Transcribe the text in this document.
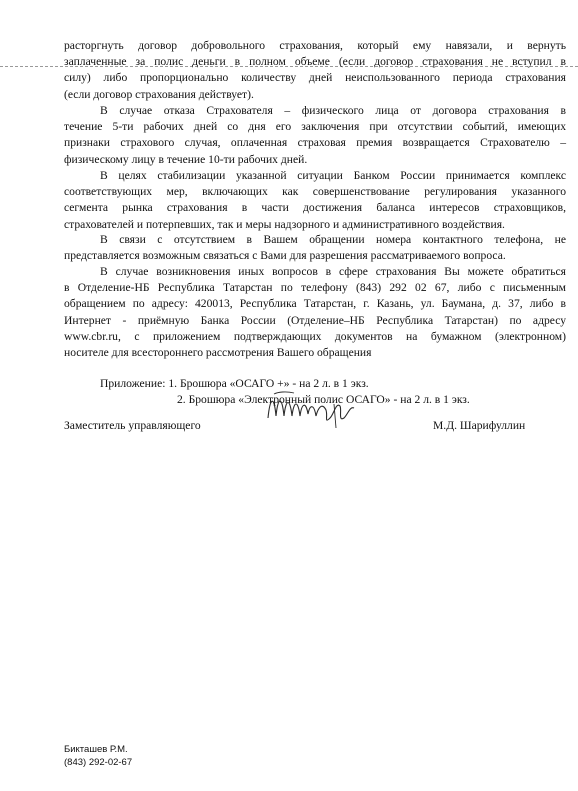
расторгнуть договор добровольного страхования, который ему навязали, и вернуть
заплаченные за полис деньги в полном объеме (если договор страхования не вступил в
силу) либо пропорционально количеству дней неиспользованного периода страхования
(если договор страхования действует).
В случае отказа Страхователя – физического лица от договора страхования в
течение 5-ти рабочих дней со дня его заключения при отсутствии событий, имеющих
признаки страхового случая, оплаченная страховая премия возвращается Страхователю –
физическому лицу в течение 10-ти рабочих дней.
В целях стабилизации указанной ситуации Банком России принимается комплекс
соответствующих мер, включающих как совершенствование регулирования указанного
сегмента рынка страхования в части достижения баланса интересов страховщиков,
страхователей и потерпевших, так и меры надзорного и административного воздействия.
В связи с отсутствием в Вашем обращении номера контактного телефона, не
представляется возможным связаться с Вами для разрешения рассматриваемого вопроса.
В случае возникновения иных вопросов в сфере страхования Вы можете обратиться
в Отделение-НБ Республика Татарстан по телефону (843) 292 02 67, либо с письменным
обращением по адресу: 420013, Республика Татарстан, г. Казань, ул. Баумана, д. 37, либо в
Интернет - приёмную Банка России (Отделение–НБ Республика Татарстан) по адресу
www.cbr.ru, с приложением подтверждающих документов на бумажном (электронном)
носителе для всестороннего рассмотрения Вашего обращения
Приложение: 1. Брошюра «ОСАГО +» - на 2 л. в 1 экз.
2. Брошюра «Электронный полис ОСАГО» - на 2 л. в 1 экз.
Заместитель управляющего	М.Д. Шарифуллин
Бикташев Р.М.
(843) 292-02-67
